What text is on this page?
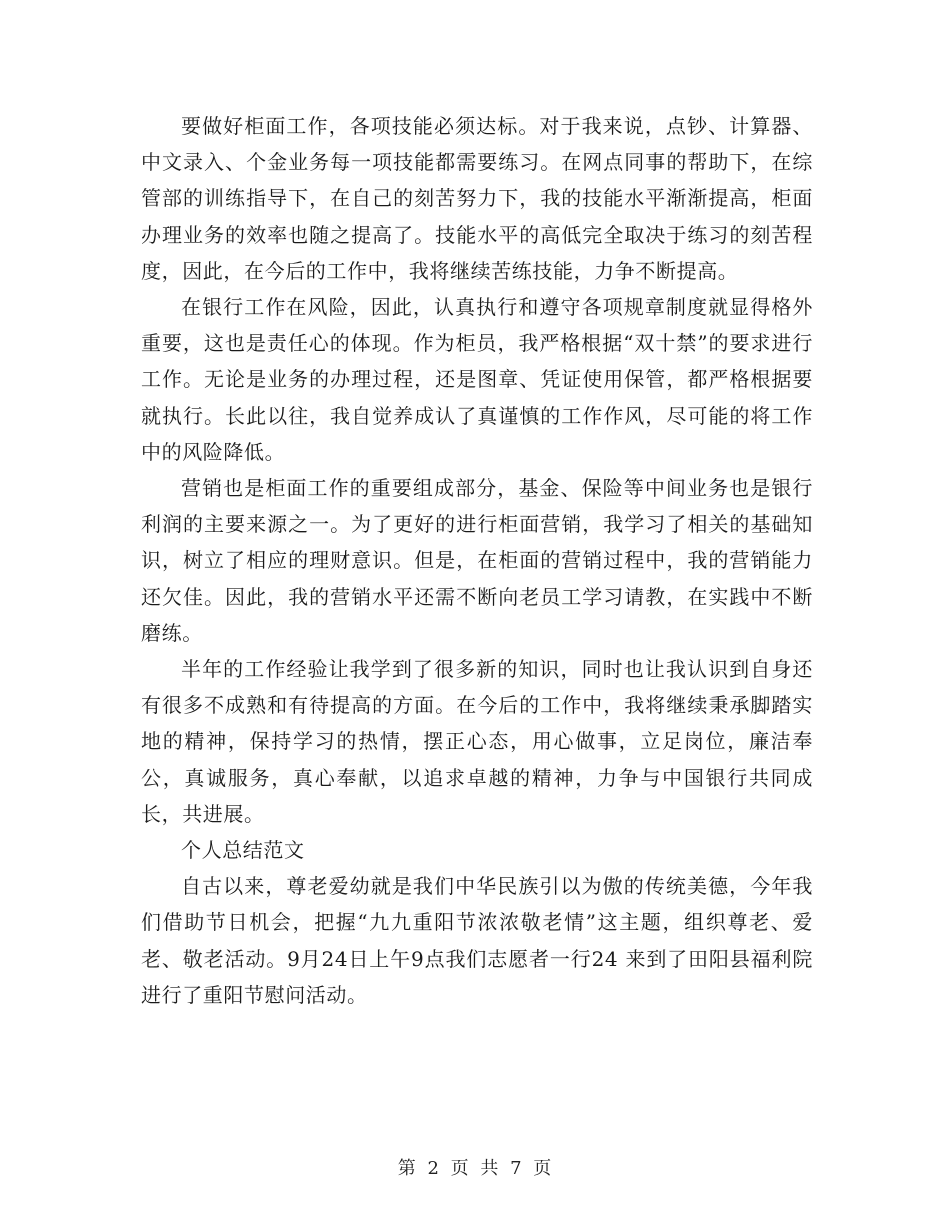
要做好柜面工作，各项技能必须达标。对于我来说，点钞、计算器、中文录入、个金业务每一项技能都需要练习。在网点同事的帮助下，在综管部的训练指导下，在自己的刻苦努力下，我的技能水平渐渐提高，柜面办理业务的效率也随之提高了。技能水平的高低完全取决于练习的刻苦程度，因此，在今后的工作中，我将继续苦练技能，力争不断提高。

在银行工作在风险，因此，认真执行和遵守各项规章制度就显得格外重要，这也是责任心的体现。作为柜员，我严格根据“双十禁”的要求进行工作。无论是业务的办理过程，还是图章、凭证使用保管，都严格根据要就执行。长此以往，我自觉养成认了真谨慎的工作作风，尽可能的将工作中的风险降低。

营销也是柜面工作的重要组成部分，基金、保险等中间业务也是银行利润的主要来源之一。为了更好的进行柜面营销，我学习了相关的基础知识，树立了相应的理财意识。但是，在柜面的营销过程中，我的营销能力还欠佳。因此，我的营销水平还需不断向老员工学习请教，在实践中不断磨练。

半年的工作经验让我学到了很多新的知识，同时也让我认识到自身还有很多不成熟和有待提高的方面。在今后的工作中，我将继续秉承脚踏实地的精神，保持学习的热情，摆正心态，用心做事，立足岗位，廉洁奉公，真诚服务，真心奉献，以追求卓越的精神，力争与中国银行共同成长，共进展。

个人总结范文

自古以来，尊老爱幼就是我们中华民族引以为傲的传统美德，今年我们借助节日机会，把握“九九重阳节浓浓敬老情”这主题，组织尊老、爱老、敬老活动。9月24日上午9点我们志愿者一行24 来到了田阳县福利院进行了重阳节慰问活动。

第 2 页 共 7 页
